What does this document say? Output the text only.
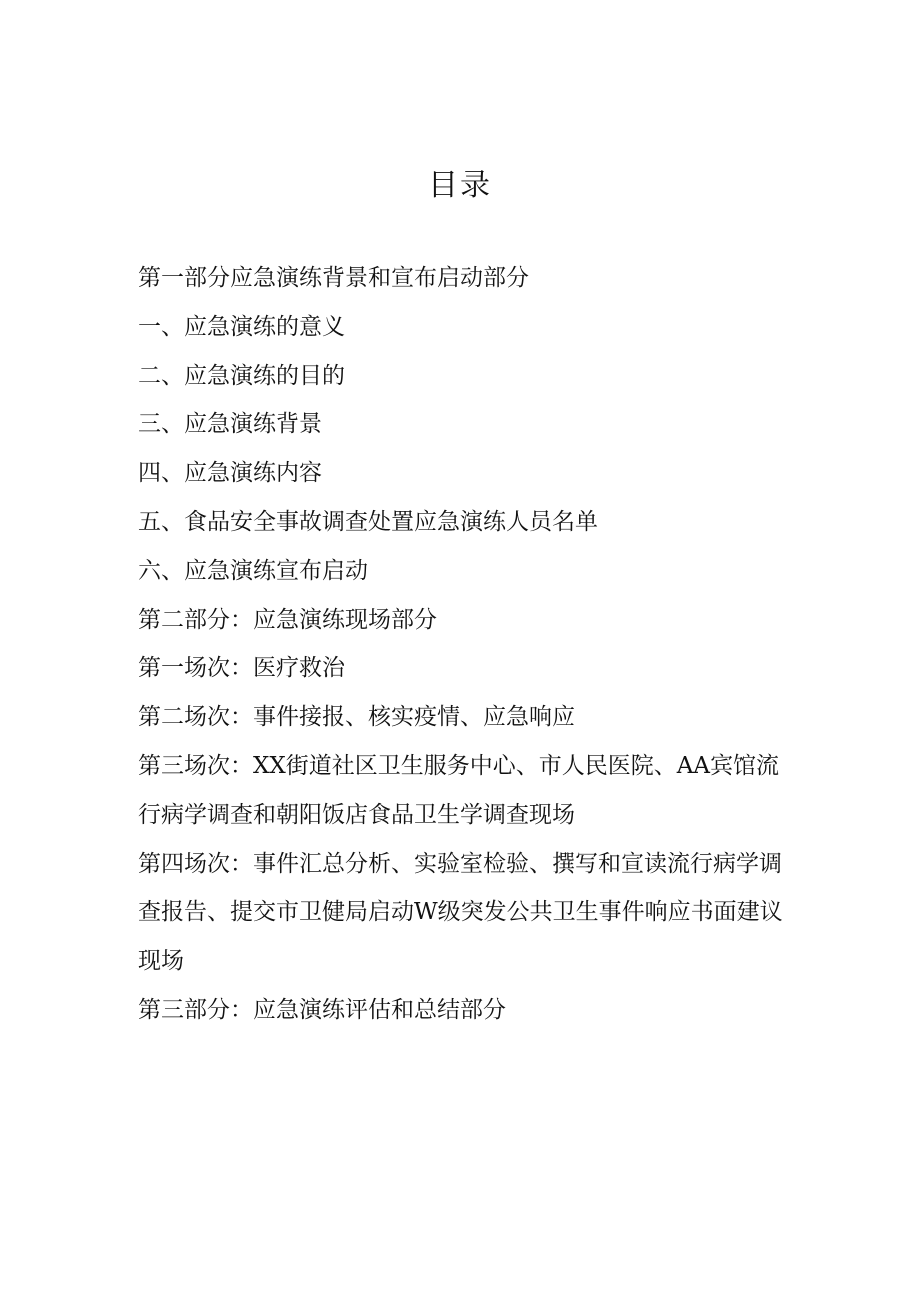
目录
第一部分应急演练背景和宣布启动部分
一、应急演练的意义
二、应急演练的目的
三、应急演练背景
四、应急演练内容
五、食品安全事故调查处置应急演练人员名单
六、应急演练宣布启动
第二部分：应急演练现场部分
第一场次：医疗救治
第二场次：事件接报、核实疫情、应急响应
第三场次：XX街道社区卫生服务中心、市人民医院、AA宾馆流行病学调查和朝阳饭店食品卫生学调查现场
第四场次：事件汇总分析、实验室检验、撰写和宣读流行病学调查报告、提交市卫健局启动W级突发公共卫生事件响应书面建议现场
第三部分：应急演练评估和总结部分
